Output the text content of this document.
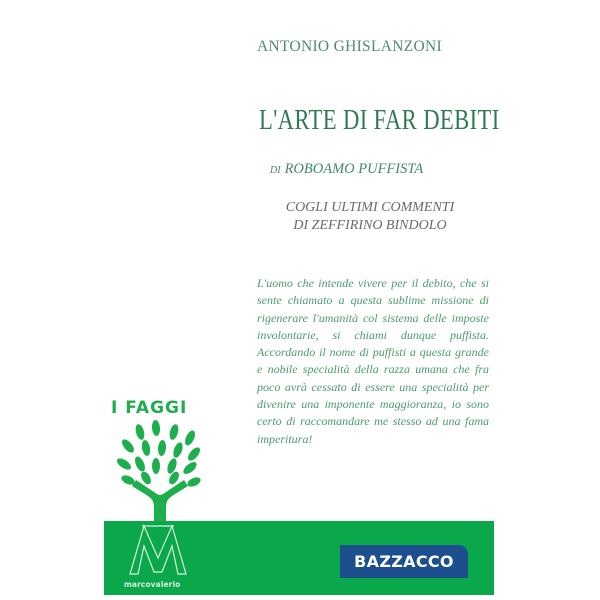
ANTONIO GHISLANZONI
L'ARTE DI FAR DEBITI
DI ROBOAMO PUFFISTA
COGLI ULTIMI COMMENTI
DI ZEFFIRINO BINDOLO
L'uomo che intende vivere per il debito, che si sente chiamato a questa sublime missione di rigenerare l'umanità col sistema delle imposte involontarie, si chiami dunque puffista. Accordando il nome di puffisti a questa grande e nobile specialità della razza umana che fra poco avrà cessato di essere una specialità per divenire una imponente maggioranza, io sono certo di raccomandare me stesso ad una fama imperitura!
I FAGGI
marcovalerio
BAZZACCO
